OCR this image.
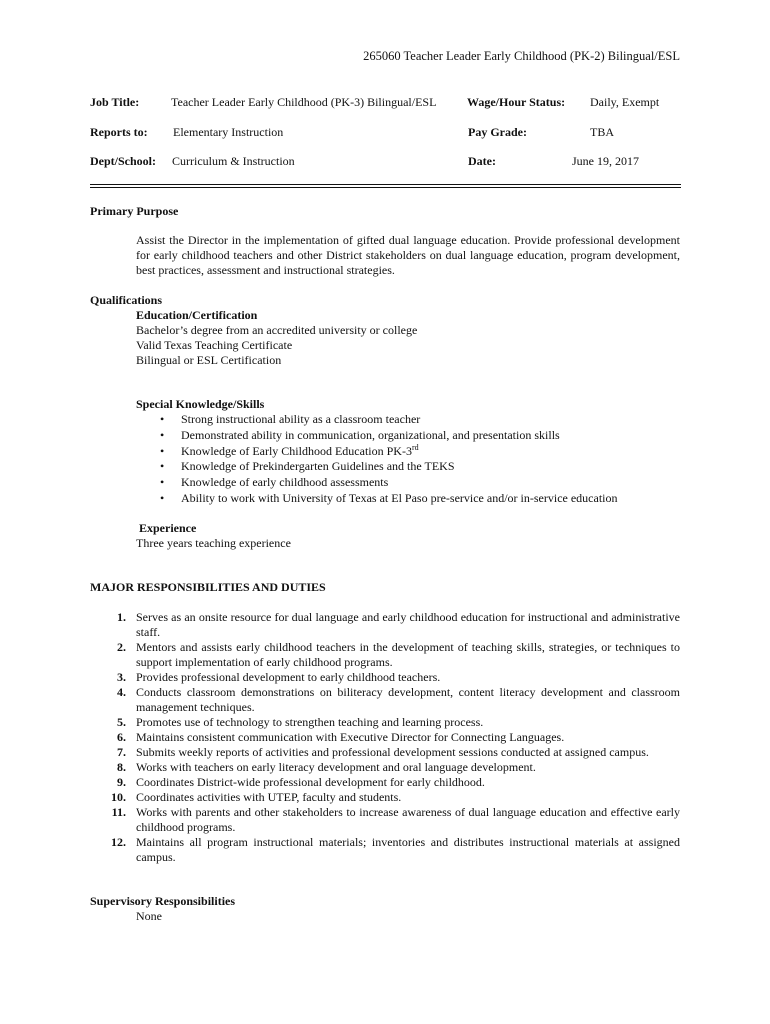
265060 Teacher Leader Early Childhood (PK-2) Bilingual/ESL
Job Title:	Teacher Leader Early Childhood (PK-3) Bilingual/ESL	Wage/Hour Status: Daily, Exempt
Reports to: Elementary Instruction	Pay Grade:	TBA
Dept/School: Curriculum & Instruction	Date:	June 19, 2017
Primary Purpose
Assist the Director in the implementation of gifted dual language education. Provide professional development for early childhood teachers and other District stakeholders on dual language education, program development, best practices, assessment and instructional strategies.
Qualifications
Education/Certification
Bachelor’s degree from an accredited university or college
Valid Texas Teaching Certificate
Bilingual or ESL Certification
Special Knowledge/Skills
• Strong instructional ability as a classroom teacher
• Demonstrated ability in communication, organizational, and presentation skills
• Knowledge of Early Childhood Education PK-3rd
• Knowledge of Prekindergarten Guidelines and the TEKS
• Knowledge of early childhood assessments
• Ability to work with University of Texas at El Paso pre-service and/or in-service education
Experience
Three years teaching experience
MAJOR RESPONSIBILITIES AND DUTIES
1. Serves as an onsite resource for dual language and early childhood education for instructional and administrative staff.
2. Mentors and assists early childhood teachers in the development of teaching skills, strategies, or techniques to support implementation of early childhood programs.
3. Provides professional development to early childhood teachers.
4. Conducts classroom demonstrations on biliteracy development, content literacy development and classroom management techniques.
5. Promotes use of technology to strengthen teaching and learning process.
6. Maintains consistent communication with Executive Director for Connecting Languages.
7. Submits weekly reports of activities and professional development sessions conducted at assigned campus.
8. Works with teachers on early literacy development and oral language development.
9. Coordinates District-wide professional development for early childhood.
10. Coordinates activities with UTEP, faculty and students.
11. Works with parents and other stakeholders to increase awareness of dual language education and effective early childhood programs.
12. Maintains all program instructional materials; inventories and distributes instructional materials at assigned campus.
Supervisory Responsibilities
None
